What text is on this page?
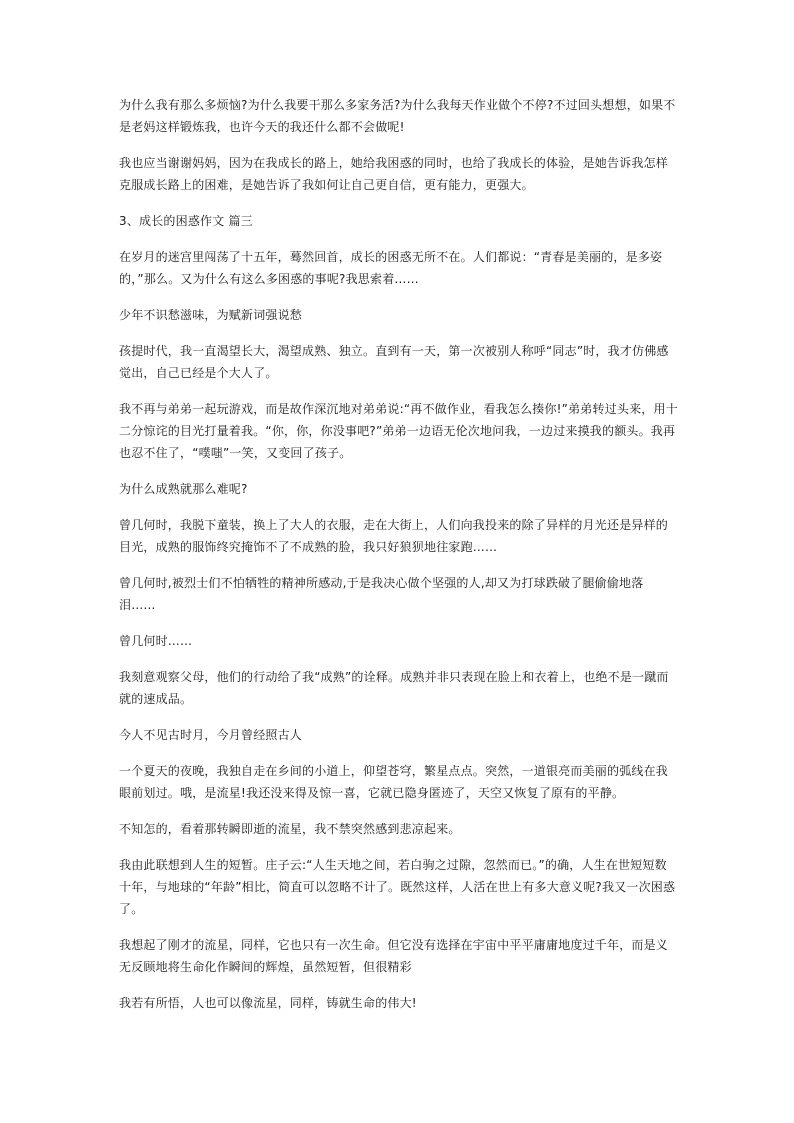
为什么我有那么多烦恼?为什么我要干那么多家务活?为什么我每天作业做个不停?不过回头想想，如果不是老妈这样锻炼我，也许今天的我还什么都不会做呢!

我也应当谢谢妈妈，因为在我成长的路上，她给我困惑的同时，也给了我成长的体验，是她告诉我怎样克服成长路上的困难，是她告诉了我如何让自己更自信，更有能力，更强大。

3、成长的困惑作文 篇三

在岁月的迷宫里闯荡了十五年，蓦然回首，成长的困惑无所不在。人们都说：“青春是美丽的，是多姿的，”那么。又为什么有这么多困惑的事呢?我思索着……

少年不识愁滋味，为赋新词强说愁

孩提时代，我一直渴望长大，渴望成熟、独立。直到有一天，第一次被别人称呼“同志”时，我才仿佛感觉出，自己已经是个大人了。

我不再与弟弟一起玩游戏，而是故作深沉地对弟弟说:“再不做作业，看我怎么揍你!”弟弟转过头来，用十二分惊诧的目光打量着我。“你，你，你没事吧?”弟弟一边语无伦次地问我，一边过来摸我的额头。我再也忍不住了，“噗嗤”一笑，又变回了孩子。

为什么成熟就那么难呢?

曾几何时，我脱下童装，换上了大人的衣服，走在大街上，人们向我投来的除了异样的月光还是异样的目光，成熟的服饰终究掩饰不了不成熟的脸，我只好狼狈地往家跑……

曾几何时,被烈士们不怕牺牲的精神所感动,于是我决心做个坚强的人,却又为打球跌破了腿偷偷地落泪……

曾几何时……

我刻意观察父母，他们的行动给了我“成熟”的诠释。成熟并非只表现在脸上和衣着上，也绝不是一蹴而就的速成品。

今人不见古时月，今月曾经照古人

一个夏天的夜晚，我独自走在乡间的小道上，仰望苍穹，繁星点点。突然，一道银亮而美丽的弧线在我眼前划过。哦，是流星!我还没来得及惊一喜，它就已隐身匿迹了，天空又恢复了原有的平静。

不知怎的，看着那转瞬即逝的流星，我不禁突然感到悲凉起来。

我由此联想到人生的短暂。庄子云:“人生天地之间，若白驹之过隙，忽然而已。”的确，人生在世短短数十年，与地球的“年龄”相比，简直可以忽略不计了。既然这样，人活在世上有多大意义呢?我又一次困惑了。

我想起了刚才的流星，同样，它也只有一次生命。但它没有选择在宇宙中平平庸庸地度过千年，而是义无反顾地将生命化作瞬间的辉煌，虽然短暂，但很精彩

我若有所悟，人也可以像流星，同样，铸就生命的伟大!
